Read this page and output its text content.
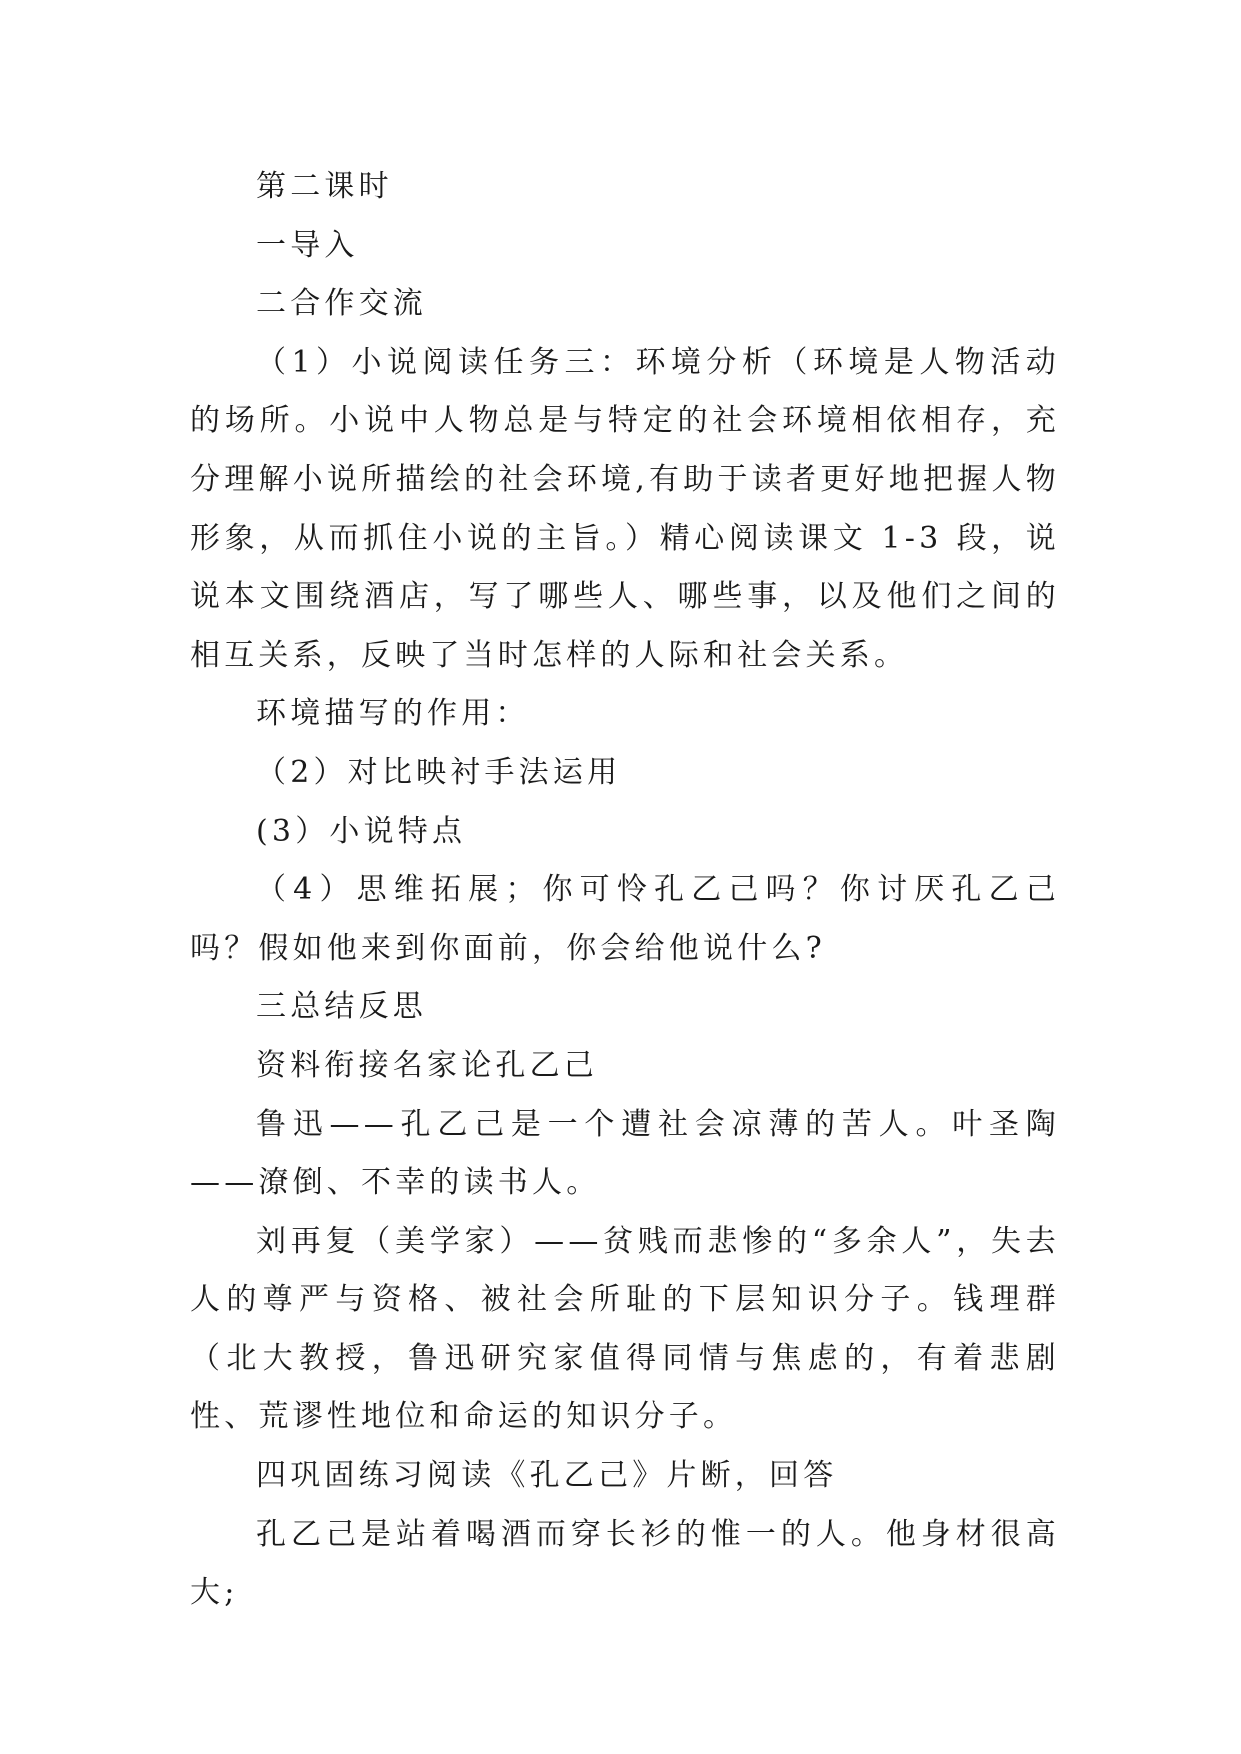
第二课时

一导入

二合作交流

（1）小说阅读任务三：环境分析（环境是人物活动的场所。小说中人物总是与特定的社会环境相依相存，充分理解小说所描绘的社会环境,有助于读者更好地把握人物形象，从而抓住小说的主旨。）精心阅读课文 1-3 段，说说本文围绕酒店，写了哪些人、哪些事，以及他们之间的相互关系，反映了当时怎样的人际和社会关系。

环境描写的作用：

（2）对比映衬手法运用

(3）小说特点

（4）思维拓展；你可怜孔乙己吗？你讨厌孔乙己吗？假如他来到你面前，你会给他说什么?

三总结反思

资料衔接名家论孔乙己

鲁迅——孔乙己是一个遭社会凉薄的苦人。叶圣陶——潦倒、不幸的读书人。

刘再复（美学家）——贫贱而悲惨的“多余人”，失去人的尊严与资格、被社会所耻的下层知识分子。钱理群（北大教授，鲁迅研究家值得同情与焦虑的，有着悲剧性、荒谬性地位和命运的知识分子。

四巩固练习阅读《孔乙己》片断，回答

孔乙己是站着喝酒而穿长衫的惟一的人。他身材很高大;
